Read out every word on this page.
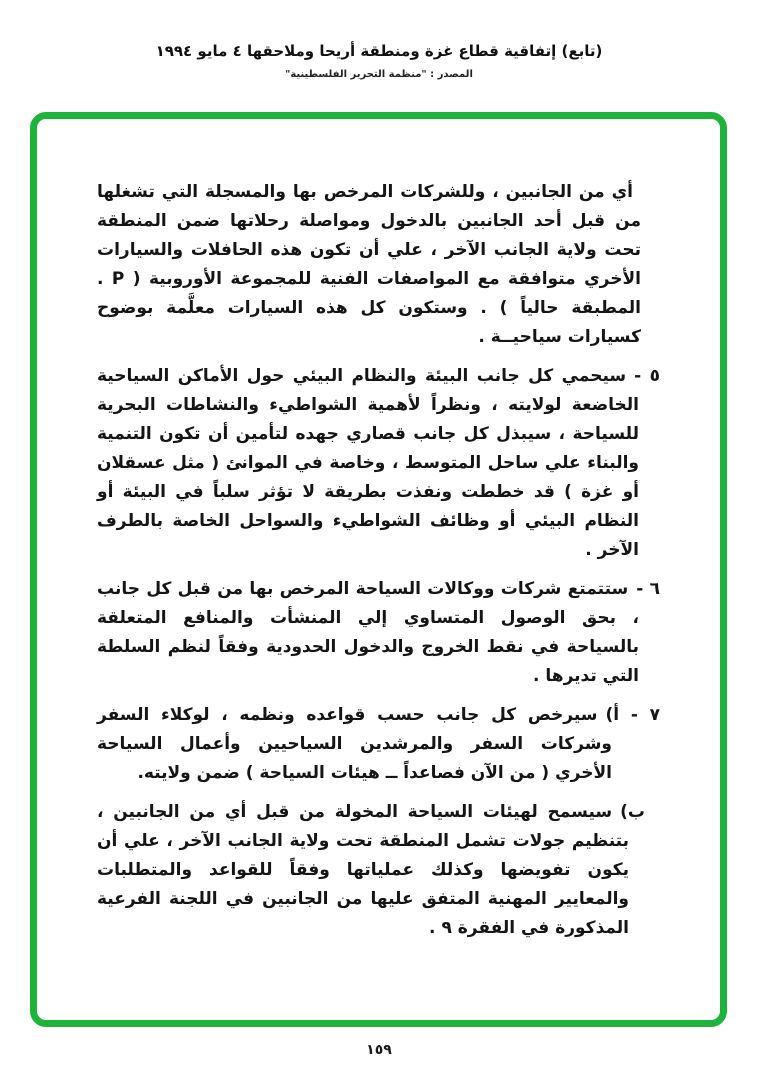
(تابع) إتفاقية قطاع غزة ومنطقة أريحا وملاحقها ٤ مايو ١٩٩٤
المصدر : "منظمة التحرير الفلسطينية"
أي من الجانبين ، وللشركات المرخص بها والمسجلة التي تشغلها من قبل أحد الجانبين بالدخول ومواصلة رحلاتها ضمن المنطقة تحت ولاية الجانب الآخر ، علي أن تكون هذه الحافلات والسيارات الأخري متوافقة مع المواصفات الفنية للمجموعة الأوروبية ( P . المطبقة حالياً ) . وستكون كل هذه السيارات معلَّمة بوضوح كسيارات سياحيــة .
٥ -سيحمي كل جانب البيئة والنظام البيئي حول الأماكن السياحية الخاضعة لولايته ، ونظراً لأهمية الشواطيء والنشاطات البحرية للسياحة ، سيبذل كل جانب قصاري جهده لتأمين أن تكون التنمية والبناء علي ساحل المتوسط ، وخاصة في الموانئ ( مثل عسقلان أو غزة ) قد خططت ونفذت بطريقة لا تؤثر سلباً في البيئة أو النظام البيئي أو وظائف الشواطيء والسواحل الخاصة بالطرف الآخر .
٦ -ستتمتع شركات ووكالات السياحة المرخص بها من قبل كل جانب ، بحق الوصول المتساوي إلي المنشأت والمنافع المتعلقة بالسياحة في نقط الخروج والدخول الحدودية وفقاً لنظم السلطة التي تديرها .
٧ - أ)سيرخص كل جانب حسب قواعده ونظمه ، لوكلاء السفر وشركات السفر والمرشدين السياحيين وأعمال السياحة الأخري ( من الآن فصاعداً ــ هيئات السياحة ) ضمن ولايته.
ب)سيسمح لهيئات السياحة المخولة من قبل أي من الجانبين ، بتنظيم جولات تشمل المنطقة تحت ولاية الجانب الآخر ، علي أن يكون تفويضها وكذلك عملياتها وفقاً للقواعد والمتطلبات والمعايير المهنية المتفق عليها من الجانبين في اللجنة الفرعية المذكورة في الفقرة ٩ .
١٥٩
